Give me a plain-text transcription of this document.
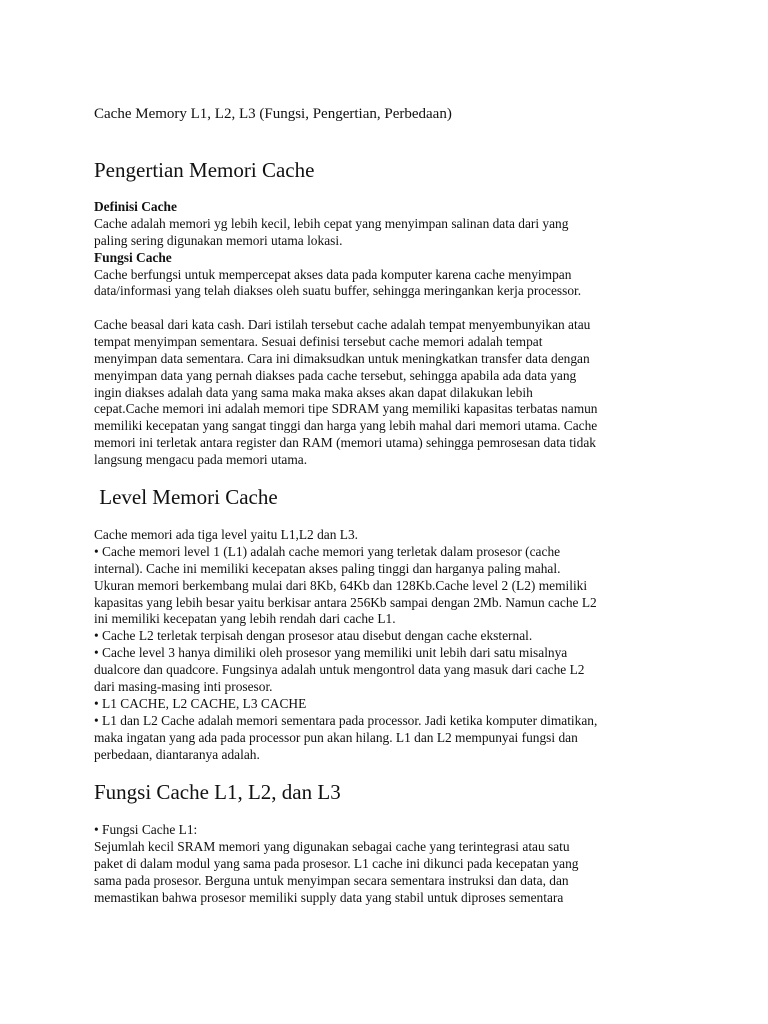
Cache Memory L1, L2, L3 (Fungsi, Pengertian, Perbedaan)
Pengertian Memori Cache
Definisi Cache
Cache adalah memori yg lebih kecil, lebih cepat yang menyimpan salinan data dari yang
paling sering digunakan memori utama lokasi.
Fungsi Cache
Cache berfungsi untuk mempercepat akses data pada komputer karena cache menyimpan
data/informasi yang telah diakses oleh suatu buffer, sehingga meringankan kerja processor.
Cache beasal dari kata cash. Dari istilah tersebut cache adalah tempat menyembunyikan atau
tempat menyimpan sementara. Sesuai definisi tersebut cache memori adalah tempat
menyimpan data sementara. Cara ini dimaksudkan untuk meningkatkan transfer data dengan
menyimpan data yang pernah diakses pada cache tersebut, sehingga apabila ada data yang
ingin diakses adalah data yang sama maka maka akses akan dapat dilakukan lebih
cepat.Cache memori ini adalah memori tipe SDRAM yang memiliki kapasitas terbatas namun
memiliki kecepatan yang sangat tinggi dan harga yang lebih mahal dari memori utama. Cache
memori ini terletak antara register dan RAM (memori utama) sehingga pemrosesan data tidak
langsung mengacu pada memori utama.
Level Memori Cache
Cache memori ada tiga level yaitu L1,L2 dan L3.
• Cache memori level 1 (L1) adalah cache memori yang terletak dalam prosesor (cache
internal). Cache ini memiliki kecepatan akses paling tinggi dan harganya paling mahal.
Ukuran memori berkembang mulai dari 8Kb, 64Kb dan 128Kb.Cache level 2 (L2) memiliki
kapasitas yang lebih besar yaitu berkisar antara 256Kb sampai dengan 2Mb. Namun cache L2
ini memiliki kecepatan yang lebih rendah dari cache L1.
• Cache L2 terletak terpisah dengan prosesor atau disebut dengan cache eksternal.
• Cache level 3 hanya dimiliki oleh prosesor yang memiliki unit lebih dari satu misalnya
dualcore dan quadcore. Fungsinya adalah untuk mengontrol data yang masuk dari cache L2
dari masing-masing inti prosesor.
• L1 CACHE, L2 CACHE, L3 CACHE
• L1 dan L2 Cache adalah memori sementara pada processor. Jadi ketika komputer dimatikan,
maka ingatan yang ada pada processor pun akan hilang. L1 dan L2 mempunyai fungsi dan
perbedaan, diantaranya adalah.
Fungsi Cache L1, L2, dan L3
• Fungsi Cache L1:
Sejumlah kecil SRAM memori yang digunakan sebagai cache yang terintegrasi atau satu
paket di dalam modul yang sama pada prosesor. L1 cache ini dikunci pada kecepatan yang
sama pada prosesor. Berguna untuk menyimpan secara sementara instruksi dan data, dan
memastikan bahwa prosesor memiliki supply data yang stabil untuk diproses sementara
